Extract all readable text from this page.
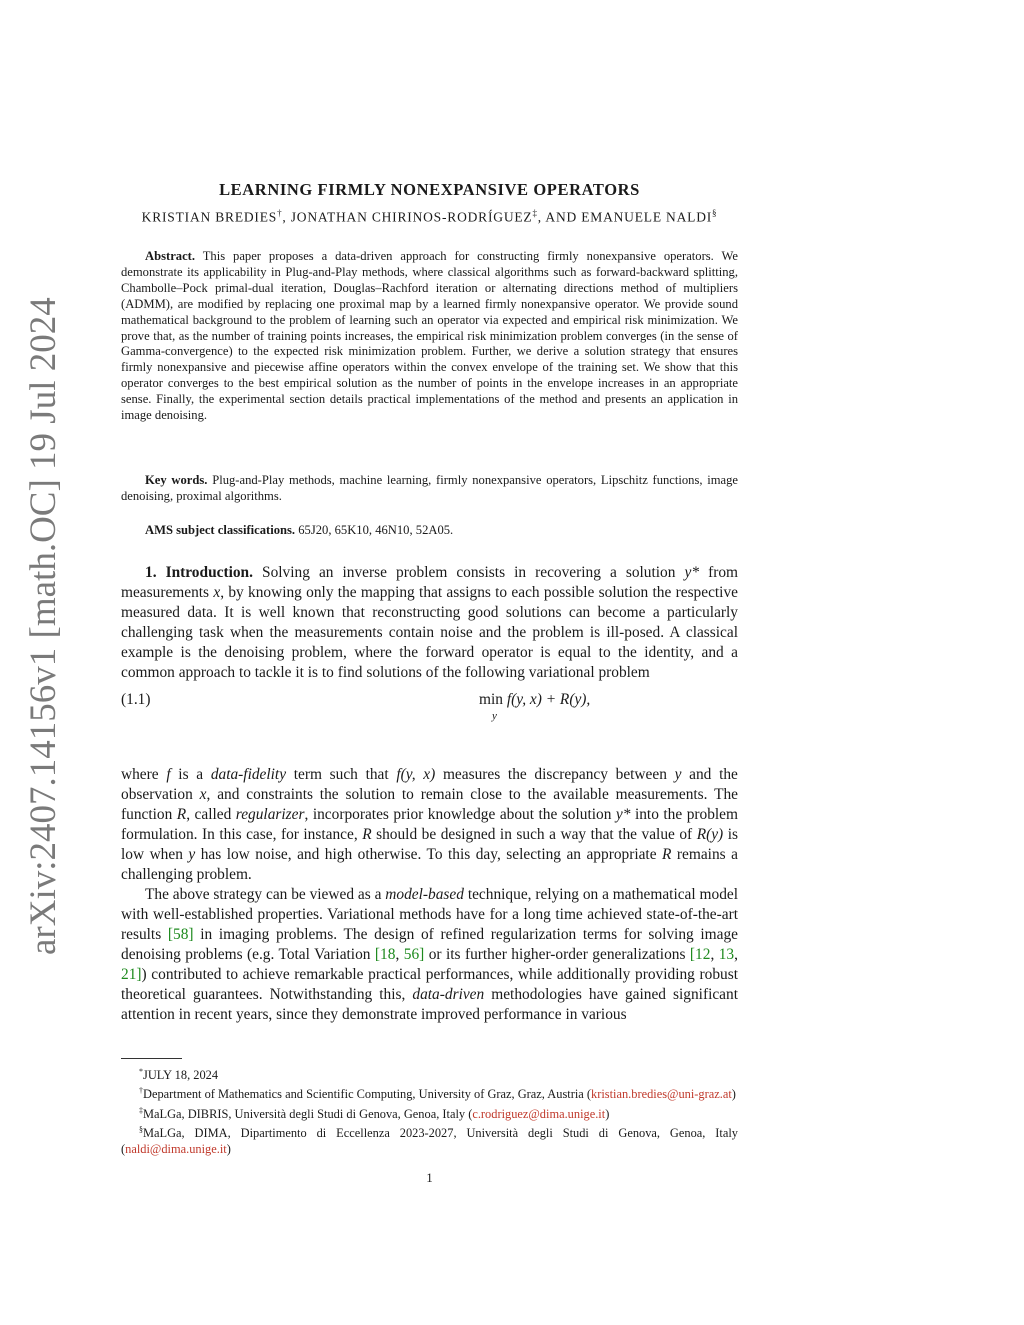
arXiv:2407.14156v1 [math.OC] 19 Jul 2024
LEARNING FIRMLY NONEXPANSIVE OPERATORS
KRISTIAN BREDIES†, JONATHAN CHIRINOS-RODRÍGUEZ‡, AND EMANUELE NALDI§
Abstract. This paper proposes a data-driven approach for constructing firmly nonexpansive operators. We demonstrate its applicability in Plug-and-Play methods, where classical algorithms such as forward-backward splitting, Chambolle–Pock primal-dual iteration, Douglas–Rachford iteration or alternating directions method of multipliers (ADMM), are modified by replacing one proximal map by a learned firmly nonexpansive operator. We provide sound mathematical background to the problem of learning such an operator via expected and empirical risk minimization. We prove that, as the number of training points increases, the empirical risk minimization problem converges (in the sense of Gamma-convergence) to the expected risk minimization problem. Further, we derive a solution strategy that ensures firmly nonexpansive and piecewise affine operators within the convex envelope of the training set. We show that this operator converges to the best empirical solution as the number of points in the envelope increases in an appropriate sense. Finally, the experimental section details practical implementations of the method and presents an application in image denoising.
Key words. Plug-and-Play methods, machine learning, firmly nonexpansive operators, Lipschitz functions, image denoising, proximal algorithms.
AMS subject classifications. 65J20, 65K10, 46N10, 52A05.
1. Introduction. Solving an inverse problem consists in recovering a solution y* from measurements x, by knowing only the mapping that assigns to each possible solution the respective measured data. It is well known that reconstructing good solutions can become a particularly challenging task when the measurements contain noise and the problem is ill-posed. A classical example is the denoising problem, where the forward operator is equal to the identity, and a common approach to tackle it is to find solutions of the following variational problem
(1.1)	min
y
f(y, x) + R(y),
where f is a data-fidelity term such that f(y, x) measures the discrepancy between y and the observation x, and constraints the solution to remain close to the available measurements. The function R, called regularizer, incorporates prior knowledge about the solution y* into the problem formulation. In this case, for instance, R should be designed in such a way that the value of R(y) is low when y has low noise, and high otherwise. To this day, selecting an appropriate R remains a challenging problem.
The above strategy can be viewed as a model-based technique, relying on a mathematical model with well-established properties. Variational methods have for a long time achieved state-of-the-art results [58] in imaging problems. The design of refined regularization terms for solving image denoising problems (e.g. Total Variation [18, 56] or its further higher-order generalizations [12, 13, 21]) contributed to achieve remarkable practical performances, while additionally providing robust theoretical guarantees. Notwithstanding this, data-driven methodologies have gained significant attention in recent years, since they demonstrate improved performance in various
*JULY 18, 2024
†Department of Mathematics and Scientific Computing, University of Graz, Graz, Austria (kristian.bredies@uni-graz.at)
‡MaLGa, DIBRIS, Università degli Studi di Genova, Genoa, Italy (c.rodriguez@dima.unige.it)
§MaLGa, DIMA, Dipartimento di Eccellenza 2023-2027, Università degli Studi di Genova, Genoa, Italy (naldi@dima.unige.it)
1
